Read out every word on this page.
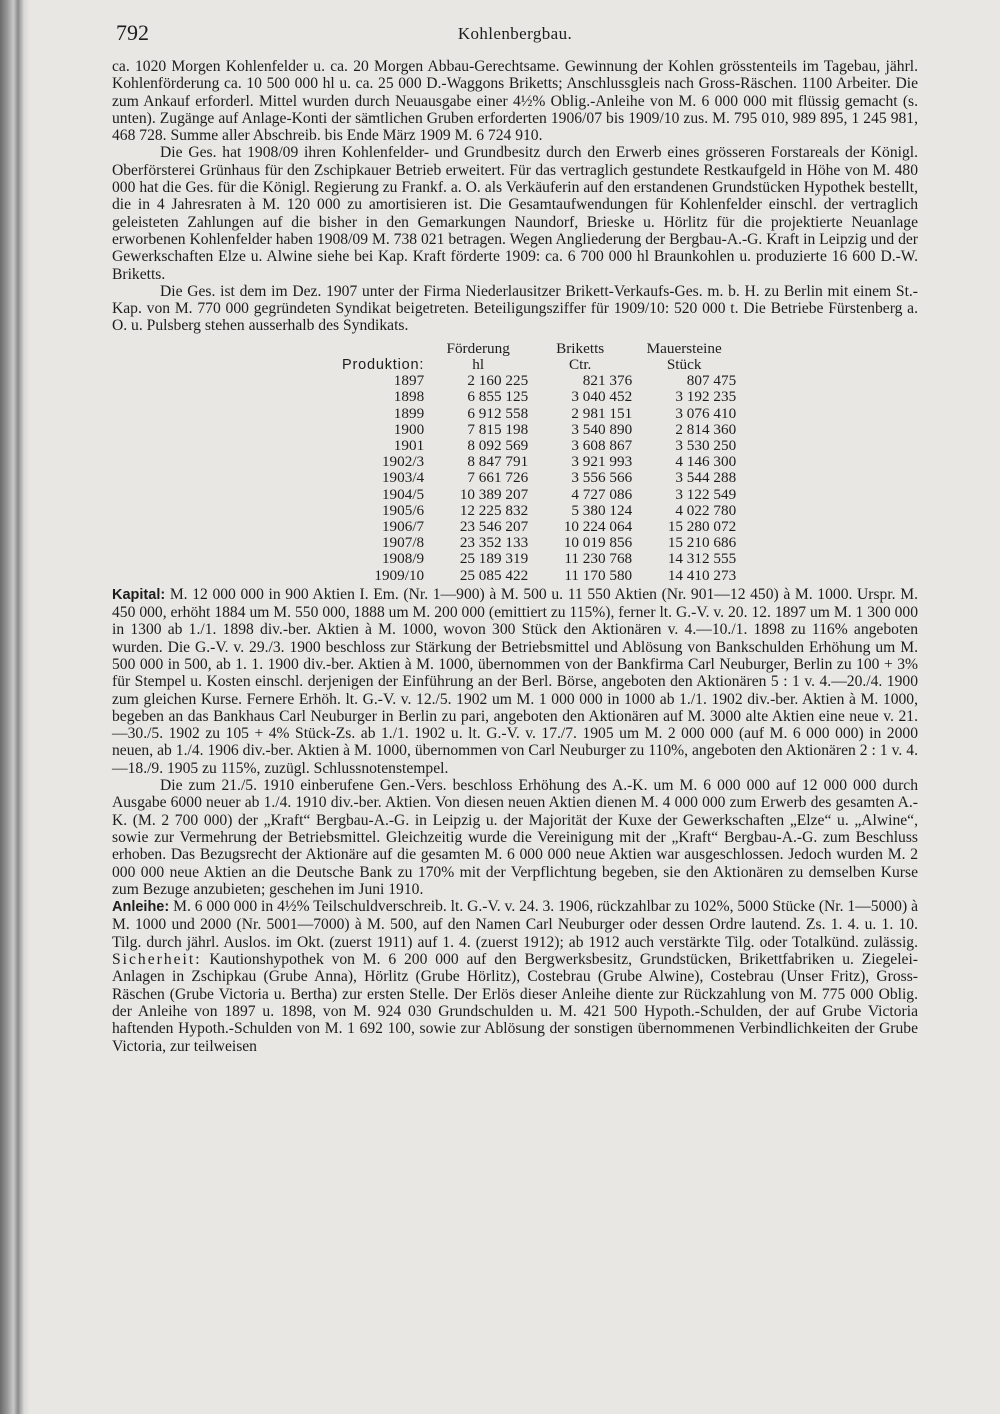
792	Kohlenbergbau.

ca. 1020 Morgen Kohlenfelder u. ca. 20 Morgen Abbau-Gerechtsame. Gewinnung der Kohlen grösstenteils im Tagebau, jährl. Kohlenförderung ca. 10 500 000 hl u. ca. 25 000 D.-Waggons Briketts; Anschlussgleis nach Gross-Räschen. 1100 Arbeiter. Die zum Ankauf erforderl. Mittel wurden durch Neuausgabe einer 4½% Oblig.-Anleihe von M. 6 000 000 mit flüssig gemacht (s. unten). Zugänge auf Anlage-Konti der sämtlichen Gruben erforderten 1906/07 bis 1909/10 zus. M. 795 010, 989 895, 1 245 981, 468 728. Summe aller Abschreib. bis Ende März 1909 M. 6 724 910.

Die Ges. hat 1908/09 ihren Kohlenfelder- und Grundbesitz durch den Erwerb eines grösseren Forstareals der Königl. Oberförsterei Grünhaus für den Zschipkauer Betrieb erweitert. Für das vertraglich gestundete Restkaufgeld in Höhe von M. 480 000 hat die Ges. für die Königl. Regierung zu Frankf. a. O. als Verkäuferin auf den erstandenen Grundstücken Hypothek bestellt, die in 4 Jahresraten à M. 120 000 zu amortisieren ist. Die Gesamtaufwendungen für Kohlenfelder einschl. der vertraglich geleisteten Zahlungen auf die bisher in den Gemarkungen Naundorf, Brieske u. Hörlitz für die projektierte Neuanlage erworbenen Kohlenfelder haben 1908/09 M. 738 021 betragen. Wegen Angliederung der Bergbau-A.-G. Kraft in Leipzig und der Gewerkschaften Elze u. Alwine siehe bei Kap. Kraft förderte 1909: ca. 6 700 000 hl Braunkohlen u. produzierte 16 600 D.-W. Briketts.

Die Ges. ist dem im Dez. 1907 unter der Firma Niederlausitzer Brikett-Verkaufs-Ges. m. b. H. zu Berlin mit einem St.-Kap. von M. 770 000 gegründeten Syndikat beigetreten. Beteiligungsziffer für 1909/10: 520 000 t. Die Betriebe Fürstenberg a. O. u. Pulsberg stehen ausserhalb des Syndikats.

	Förderung	Briketts	Mauersteine
Produktion:	hl	Ctr.	Stück
1897	2 160 225	821 376	807 475
1898	6 855 125	3 040 452	3 192 235
1899	6 912 558	2 981 151	3 076 410
1900	7 815 198	3 540 890	2 814 360
1901	8 092 569	3 608 867	3 530 250
1902/3	8 847 791	3 921 993	4 146 300
1903/4	7 661 726	3 556 566	3 544 288
1904/5	10 389 207	4 727 086	3 122 549
1905/6	12 225 832	5 380 124	4 022 780
1906/7	23 546 207	10 224 064	15 280 072
1907/8	23 352 133	10 019 856	15 210 686
1908/9	25 189 319	11 230 768	14 312 555
1909/10	25 085 422	11 170 580	14 410 273

Kapital: M. 12 000 000 in 900 Aktien I. Em. (Nr. 1—900) à M. 500 u. 11 550 Aktien (Nr. 901—12 450) à M. 1000. Urspr. M. 450 000, erhöht 1884 um M. 550 000, 1888 um M. 200 000 (emittiert zu 115%), ferner lt. G.-V. v. 20. 12. 1897 um M. 1 300 000 in 1300 ab 1./1. 1898 div.-ber. Aktien à M. 1000, wovon 300 Stück den Aktionären v. 4.—10./1. 1898 zu 116% angeboten wurden. Die G.-V. v. 29./3. 1900 beschloss zur Stärkung der Betriebsmittel und Ablösung von Bankschulden Erhöhung um M. 500 000 in 500, ab 1. 1. 1900 div.-ber. Aktien à M. 1000, übernommen von der Bankfirma Carl Neuburger, Berlin zu 100 + 3% für Stempel u. Kosten einschl. derjenigen der Einführung an der Berl. Börse, angeboten den Aktionären 5 : 1 v. 4.—20./4. 1900 zum gleichen Kurse. Fernere Erhöh. lt. G.-V. v. 12./5. 1902 um M. 1 000 000 in 1000 ab 1./1. 1902 div.-ber. Aktien à M. 1000, begeben an das Bankhaus Carl Neuburger in Berlin zu pari, angeboten den Aktionären auf M. 3000 alte Aktien eine neue v. 21.—30./5. 1902 zu 105 + 4% Stück-Zs. ab 1./1. 1902 u. lt. G.-V. v. 17./7. 1905 um M. 2 000 000 (auf M. 6 000 000) in 2000 neuen, ab 1./4. 1906 div.-ber. Aktien à M. 1000, übernommen von Carl Neuburger zu 110%, angeboten den Aktionären 2 : 1 v. 4.—18./9. 1905 zu 115%, zuzügl. Schlussnotenstempel.

Die zum 21./5. 1910 einberufene Gen.-Vers. beschloss Erhöhung des A.-K. um M. 6 000 000 auf 12 000 000 durch Ausgabe 6000 neuer ab 1./4. 1910 div.-ber. Aktien. Von diesen neuen Aktien dienen M. 4 000 000 zum Erwerb des gesamten A.-K. (M. 2 700 000) der „Kraft“ Bergbau-A.-G. in Leipzig u. der Majorität der Kuxe der Gewerkschaften „Elze“ u. „Alwine“, sowie zur Vermehrung der Betriebsmittel. Gleichzeitig wurde die Vereinigung mit der „Kraft“ Bergbau-A.-G. zum Beschluss erhoben. Das Bezugsrecht der Aktionäre auf die gesamten M. 6 000 000 neue Aktien war ausgeschlossen. Jedoch wurden M. 2 000 000 neue Aktien an die Deutsche Bank zu 170% mit der Verpflichtung begeben, sie den Aktionären zu demselben Kurse zum Bezuge anzubieten; geschehen im Juni 1910.

Anleihe: M. 6 000 000 in 4½% Teilschuldverschreib. lt. G.-V. v. 24. 3. 1906, rückzahlbar zu 102%, 5000 Stücke (Nr. 1—5000) à M. 1000 und 2000 (Nr. 5001—7000) à M. 500, auf den Namen Carl Neuburger oder dessen Ordre lautend. Zs. 1. 4. u. 1. 10. Tilg. durch jährl. Auslos. im Okt. (zuerst 1911) auf 1. 4. (zuerst 1912); ab 1912 auch verstärkte Tilg. oder Totalkünd. zulässig. Sicherheit: Kautionshypothek von M. 6 200 000 auf den Bergwerksbesitz, Grundstücken, Brikettfabriken u. Ziegelei-Anlagen in Zschipkau (Grube Anna), Hörlitz (Grube Hörlitz), Costebrau (Grube Alwine), Costebrau (Unser Fritz), Gross-Räschen (Grube Victoria u. Bertha) zur ersten Stelle. Der Erlös dieser Anleihe diente zur Rückzahlung von M. 775 000 Oblig. der Anleihe von 1897 u. 1898, von M. 924 030 Grundschulden u. M. 421 500 Hypoth.-Schulden, der auf Grube Victoria haftenden Hypoth.-Schulden von M. 1 692 100, sowie zur Ablösung der sonstigen übernommenen Verbindlichkeiten der Grube Victoria, zur teilweisen
